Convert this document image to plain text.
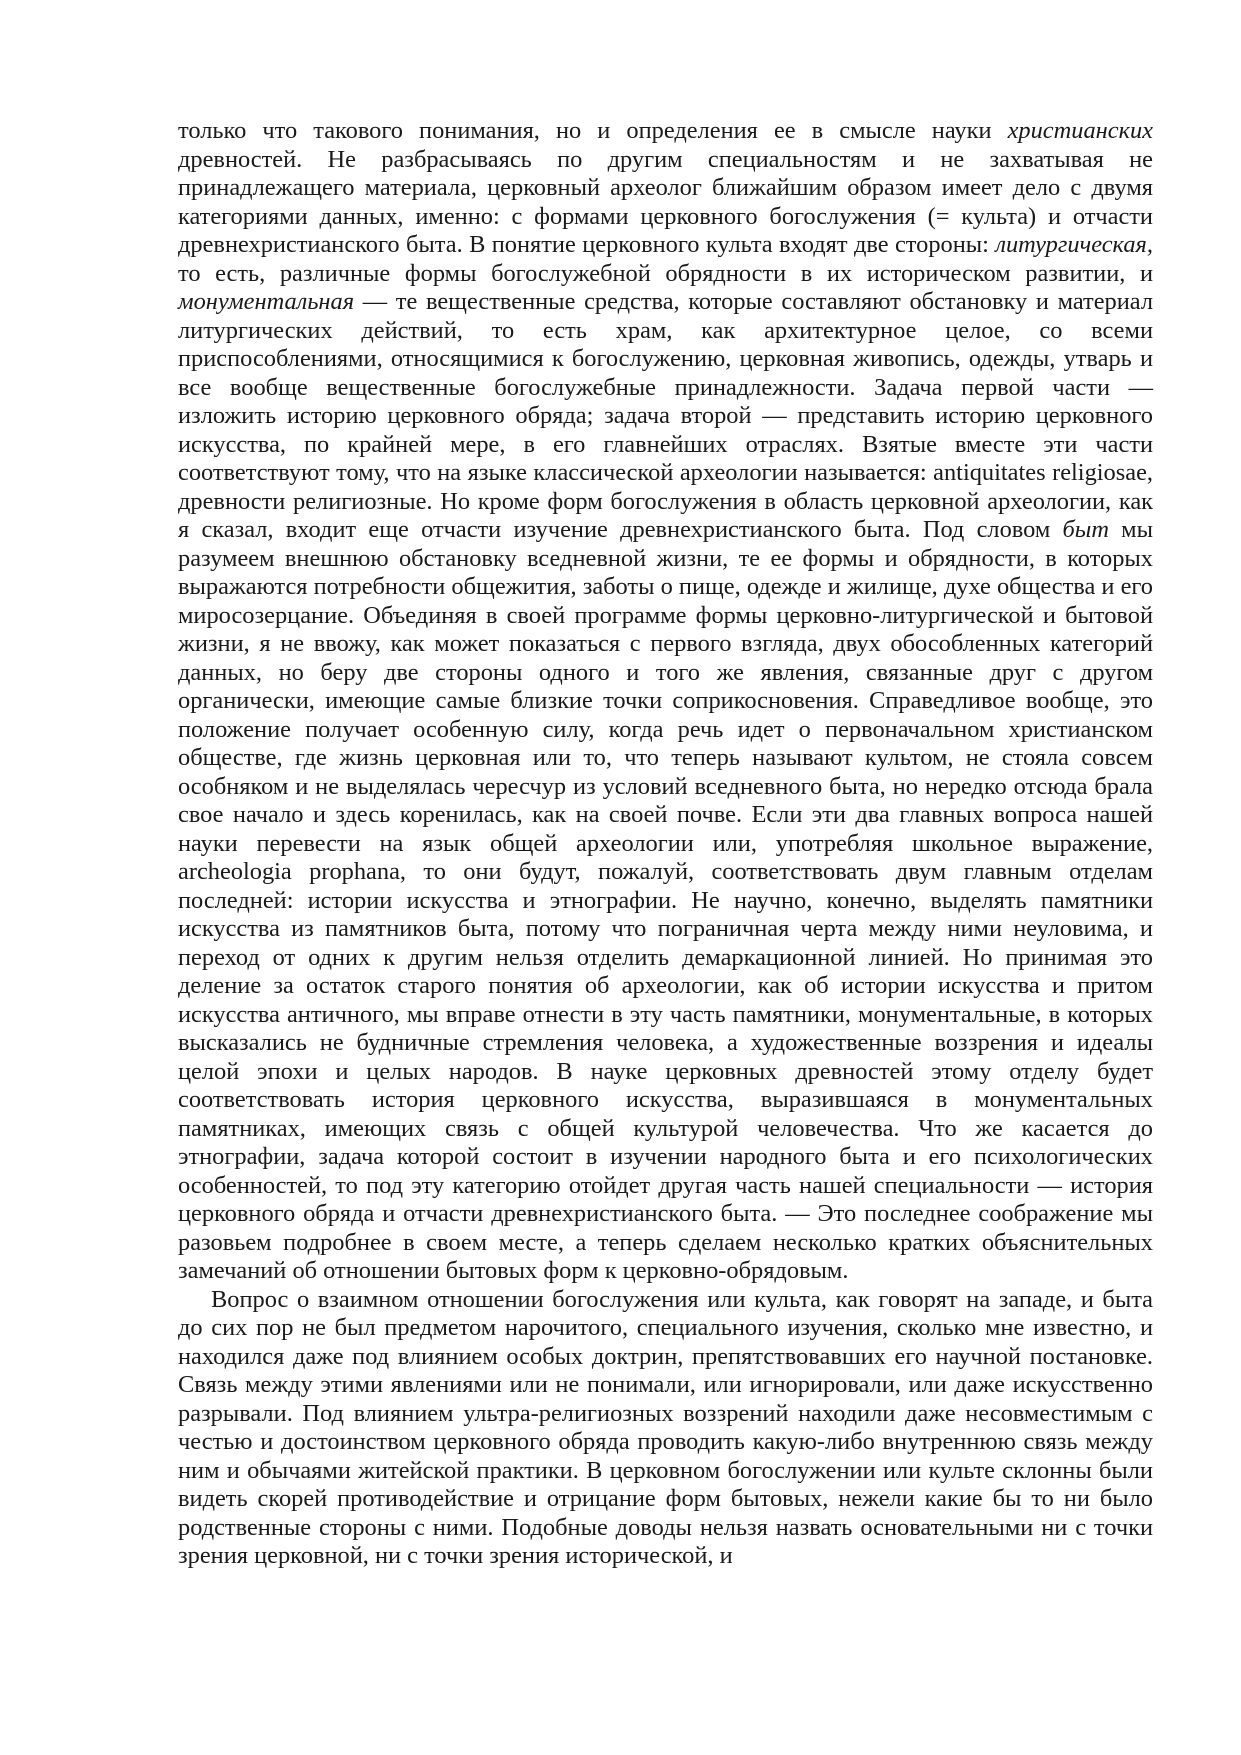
только что такового понимания, но и определения ее в смысле науки христианских древностей. Не разбрасываясь по другим специальностям и не захватывая не принадлежащего материала, церковный археолог ближайшим образом имеет дело с двумя категориями данных, именно: с формами церковного богослужения (= культа) и отчасти древнехристианского быта. В понятие церковного культа входят две стороны: литургическая, то есть, различные формы богослужебной обрядности в их историческом развитии, и монументальная — те вещественные средства, которые составляют обстановку и материал литургических действий, то есть храм, как архитектурное целое, со всеми приспособлениями, относящимися к богослужению, церковная живопись, одежды, утварь и все вообще вещественные богослужебные принадлежности. Задача первой части — изложить историю церковного обряда; задача второй — представить историю церковного искусства, по крайней мере, в его главнейших отраслях. Взятые вместе эти части соответствуют тому, что на языке классической археологии называется: antiquitates religiosae, древности религиозные. Но кроме форм богослужения в область церковной археологии, как я сказал, входит еще отчасти изучение древнехристианского быта. Под словом быт мы разумеем внешнюю обстановку вседневной жизни, те ее формы и обрядности, в которых выражаются потребности общежития, заботы о пище, одежде и жилище, духе общества и его миросозерцание. Объединяя в своей программе формы церковно-литургической и бытовой жизни, я не ввожу, как может показаться с первого взгляда, двух обособленных категорий данных, но беру две стороны одного и того же явления, связанные друг с другом органически, имеющие самые близкие точки соприкосновения. Справедливое вообще, это положение получает особенную силу, когда речь идет о первоначальном христианском обществе, где жизнь церковная или то, что теперь называют культом, не стояла совсем особняком и не выделялась чересчур из условий вседневного быта, но нередко отсюда брала свое начало и здесь коренилась, как на своей почве. Если эти два главных вопроса нашей науки перевести на язык общей археологии или, употребляя школьное выражение, archeologia prophana, то они будут, пожалуй, соответствовать двум главным отделам последней: истории искусства и этнографии. Не научно, конечно, выделять памятники искусства из памятников быта, потому что пограничная черта между ними неуловима, и переход от одних к другим нельзя отделить демаркационной линией. Но принимая это деление за остаток старого понятия об археологии, как об истории искусства и притом искусства античного, мы вправе отнести в эту часть памятники, монументальные, в которых высказались не будничные стремления человека, а художественные воззрения и идеалы целой эпохи и целых народов. В науке церковных древностей этому отделу будет соответствовать история церковного искусства, выразившаяся в монументальных памятниках, имеющих связь с общей культурой человечества. Что же касается до этнографии, задача которой состоит в изучении народного быта и его психологических особенностей, то под эту категорию отойдет другая часть нашей специальности — история церковного обряда и отчасти древнехристианского быта. — Это последнее соображение мы разовьем подробнее в своем месте, а теперь сделаем несколько кратких объяснительных замечаний об отношении бытовых форм к церковно-обрядовым.

Вопрос о взаимном отношении богослужения или культа, как говорят на западе, и быта до сих пор не был предметом нарочитого, специального изучения, сколько мне известно, и находился даже под влиянием особых доктрин, препятствовавших его научной постановке. Связь между этими явлениями или не понимали, или игнорировали, или даже искусственно разрывали. Под влиянием ультра-религиозных воззрений находили даже несовместимым с честью и достоинством церковного обряда проводить какую-либо внутреннюю связь между ним и обычаями житейской практики. В церковном богослужении или культе склонны были видеть скорей противодействие и отрицание форм бытовых, нежели какие бы то ни было родственные стороны с ними. Подобные доводы нельзя назвать основательными ни с точки зрения церковной, ни с точки зрения исторической, и
